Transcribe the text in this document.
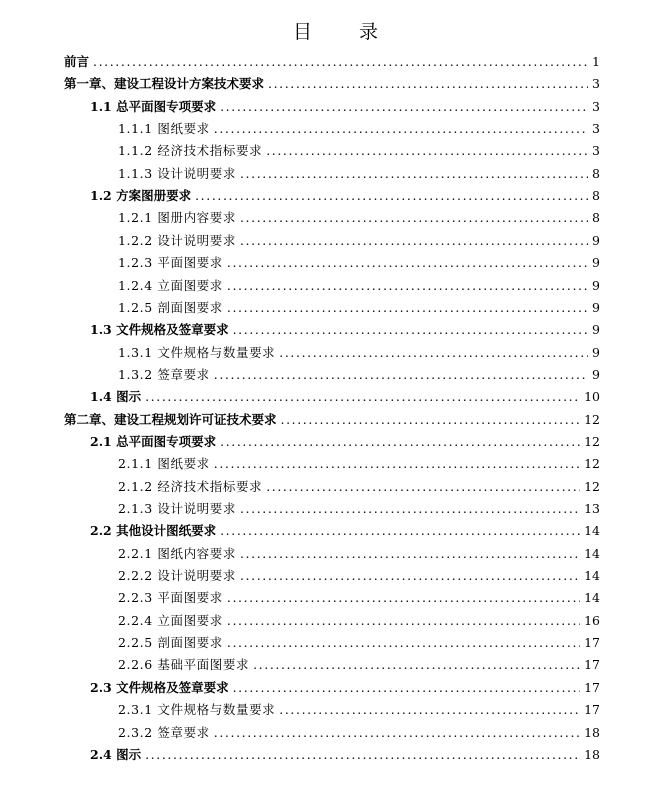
目　录
前言 .....	1
第一章、建设工程设计方案技术要求 .....	3
1.1 总平面图专项要求 .....	3
1.1.1 图纸要求 .....	3
1.1.2 经济技术指标要求 .....	3
1.1.3 设计说明要求 .....	8
1.2 方案图册要求 .....	8
1.2.1 图册内容要求 .....	8
1.2.2 设计说明要求 .....	9
1.2.3 平面图要求 .....	9
1.2.4 立面图要求 .....	9
1.2.5 剖面图要求 .....	9
1.3 文件规格及签章要求 .....	9
1.3.1 文件规格与数量要求 .....	9
1.3.2 签章要求 .....	9
1.4 图示 .....	10
第二章、建设工程规划许可证技术要求 .....	12
2.1 总平面图专项要求 .....	12
2.1.1 图纸要求 .....	12
2.1.2 经济技术指标要求 .....	12
2.1.3 设计说明要求 .....	13
2.2 其他设计图纸要求 .....	14
2.2.1 图纸内容要求 .....	14
2.2.2 设计说明要求 .....	14
2.2.3 平面图要求 .....	14
2.2.4 立面图要求 .....	16
2.2.5 剖面图要求 .....	17
2.2.6 基础平面图要求 .....	17
2.3 文件规格及签章要求 .....	17
2.3.1 文件规格与数量要求 .....	17
2.3.2 签章要求 .....	18
2.4 图示 .....	18
